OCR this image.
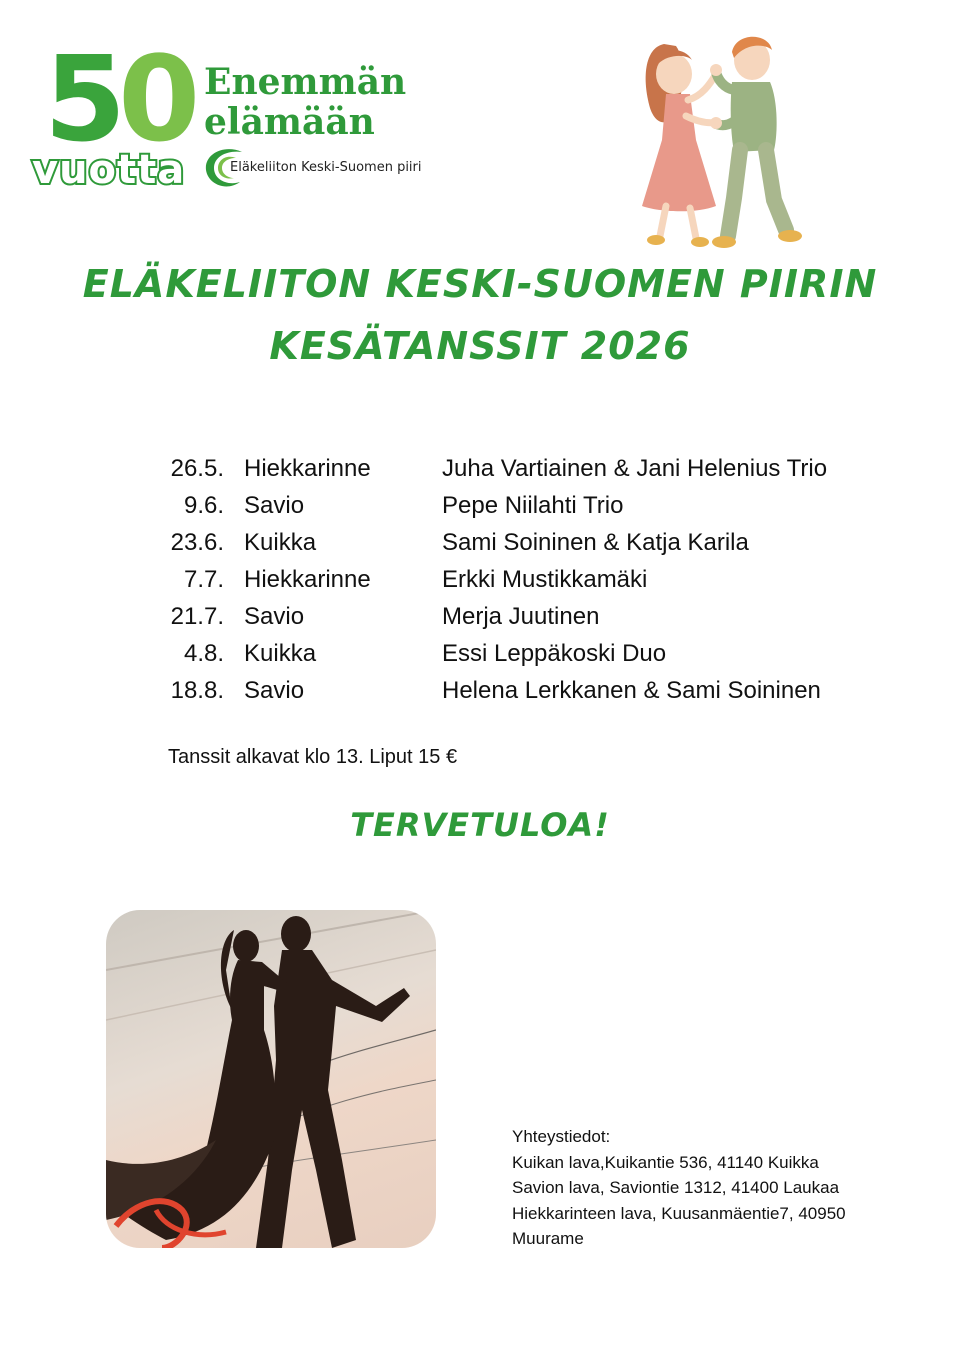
50
vuotta
Enemmän
elämään
Eläkeliiton Keski-Suomen piiri
ELÄKELIITON KESKI-SUOMEN PIIRIN
KESÄTANSSIT 2026
26.5. Hiekkarinne	Juha Vartiainen & Jani Helenius Trio
9.6. Savio	Pepe Niilahti Trio
23.6. Kuikka	Sami Soininen & Katja Karila
7.7. Hiekkarinne	Erkki Mustikkamäki
21.7. Savio	Merja Juutinen
4.8. Kuikka	Essi Leppäkoski Duo
18.8. Savio	Helena Lerkkanen & Sami Soininen
Tanssit alkavat klo 13. Liput 15 €
TERVETULOA!
Yhteystiedot:
Kuikan lava,Kuikantie 536, 41140 Kuikka
Savion lava, Saviontie 1312, 41400 Laukaa
Hiekkarinteen lava, Kuusanmäentie7, 40950
Muurame
